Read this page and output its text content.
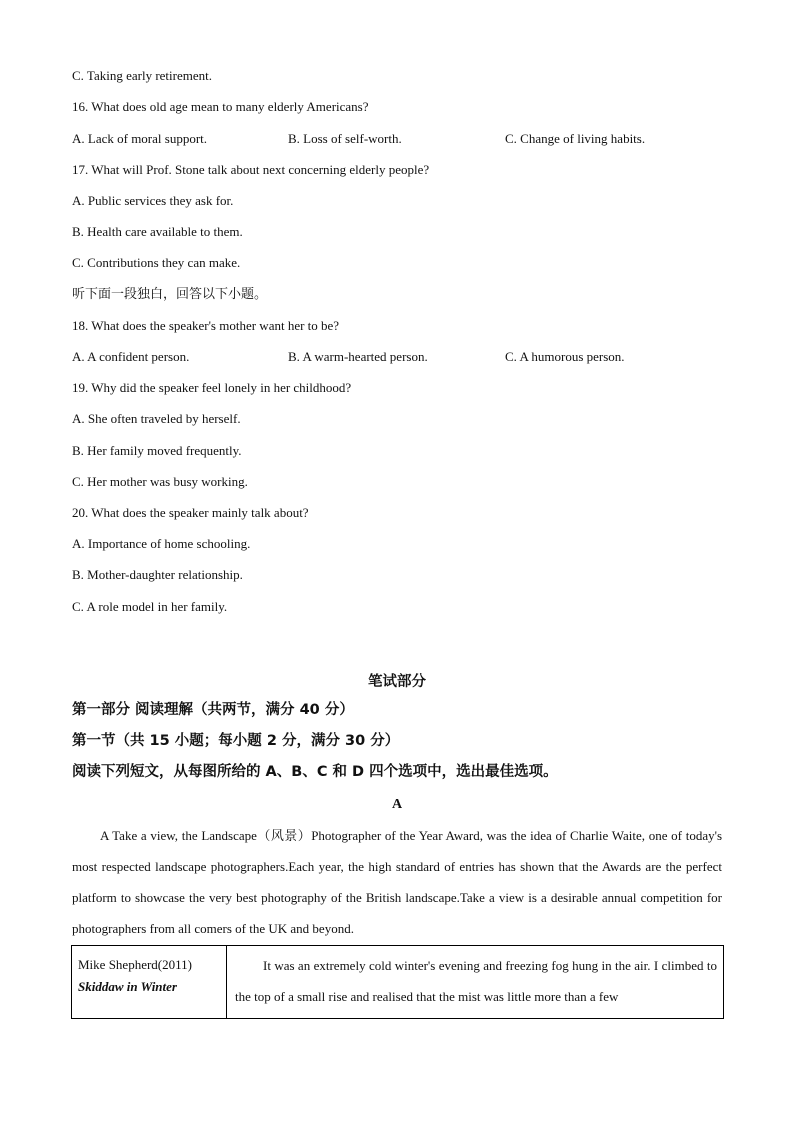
C. Taking early retirement.
16. What does old age mean to many elderly Americans?
A. Lack of moral support.	B. Loss of self-worth.	C. Change of living habits.
17. What will Prof. Stone talk about next concerning elderly people?
A. Public services they ask for.
B. Health care available to them.
C. Contributions they can make.
听下面一段独白，回答以下小题。
18. What does the speaker's mother want her to be?
A. A confident person.	B. A warm-hearted person.	C. A humorous person.
19. Why did the speaker feel lonely in her childhood?
A. She often traveled by herself.
B. Her family moved frequently.
C. Her mother was busy working.
20. What does the speaker mainly talk about?
A. Importance of home schooling.
B. Mother-daughter relationship.
C. A role model in her family.
笔试部分
第一部分 阅读理解（共两节，满分 40 分）
第一节（共 15 小题；每小题 2 分，满分 30 分）
阅读下列短文，从每图所给的 A、B、C 和 D 四个选项中，选出最佳选项。
A
A Take a view, the Landscape（风景）Photographer of the Year Award, was the idea of Charlie Waite, one of today's most respected landscape photographers.Each year, the high standard of entries has shown that the Awards are the perfect platform to showcase the very best photography of the British landscape.Take a view is a desirable annual competition for photographers from all comers of the UK and beyond.
Mike Shepherd(2011)
Skiddaw in Winter
	It was an extremely cold winter's evening and freezing fog hung in the air. I climbed to the top of a small rise and realised that the mist was little more than a few
